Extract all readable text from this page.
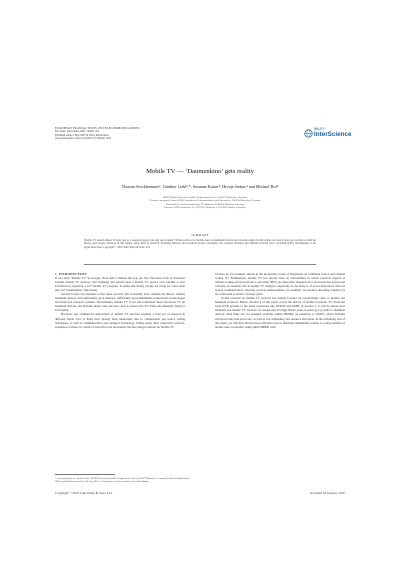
EUROPEAN TRANSACTIONS ON TELECOMMUNICATIONS
Eur. Trans. Telecomms. 2007; 18:465–472
Published online 2 May 2007 in Wiley InterScience
(www.interscience.wiley.com) DOI: 10.1002/ett.1202
WILEY
InterScience
Mobile TV — ‘Daumenkino’ gets reality
Thomas Stockhammer¹, Günther Liebl²,*, Susanne Kaiser³, Hrvoje Jenkac⁴ and Michael Rof⁵
¹BENQ Mobile Research GmbH, Bergkirchener Str. 8, D-81379 München, Germany
²German Aerospace Center (DLR), Institute for Communications and Navigation, D-82234 Wessling, Germany
³Lehrstuhl für Nachrichtentechnik, TU München, D-80290 München, Germany
⁴Siemens VDO Automotive AG, PO 158, Philipsstr. 1, D-93055 Wetzlar, Germany
SUMMARY
Mobile TV started almost 50 years ago as a research project, but only just recently TV-like services for mobile users on handheld devices have become reality. In this article, we want to give an overview of both the history and current advances in this highly active field of research, including mission and broadcast modes, streaming over wireless channels and efficient forward error correction (FEC) mechanisms at the application layer. Copyright © 2007 John Wiley & Sons, Ltd.

1. INTRODUCTION

If you enter ‘Mobile TV’ in Google, more than 5 million hits pop up. You find news such as Vodafone extends mobile TV services, that Samsung and Alcatel plan a mobile TV service over satellite or that ProSieben is preparing a 24/7 mobile TV program. It seems that finally people are ready for what some just call ‘Daumenkino’ (flip-book).

Several factors are essential so that these services will eventually have commercial impact, namely handheld devices with sufficiently good displays, sufficiently good multimedia compression technologies and improved transport systems. Nevertheless, mobile TV is not just traditional linear broadcast TV on handheld devices, but includes many other services, such as Interactive TV, Video-On-Demand (VoD) or Podcasting.

However, the commercial deployment of mobile TV services required a long era of research in different fields. Two of them have already been mentioned, that is, compression and source coding techniques, as well as communication and transport technology. Unlike many other innovative services, expansion of these two fields of research is not necessarily the best design solution for mobile TV

services as, for example, shown in the pioneering works of Hagenauer on combined source and channel coding [1]. Furthermore, mobile TV has always been an environment in which practical aspects of channel coding and forward error correction (FEC) are important. Unequal error protection has played and will play an essential role in mobile TV transport, especially as the delay is of lower importance than for speech communication. Thereby, receiver enhancements, for example, via iterative decoding schemes [2] are often used to obtain coverage gains.

In this research on mobile TV services has mainly focused on broadcasting video to mobile and handheld receivers. Hence, Section 2 of this paper covers the history of mobile broadcast TV. From the early DVB systems to the latest extensions like DVB-H and DMB. In Section 3, it will be shown how emission and mobile TV services are transported via high-bitrate point-to-point (p-t-p) links to handheld devices. Such links are, for example available within HSDPA, an extension to UMTS, which includes advanced radio link protocols, as well as fast scheduling and resource allocation. In the remaining part of this paper, we will then discuss more efficient ways to distribute multimedia content to a large number of mobile users in parallel, using either MBMS with

* Correspondence to: Günther Liebl, INTRON Research GmbH, Bergkirchener Str. 8, D-81379 München, Germany. E-mail: liebl@intron.de
¹This work is dedicated to Prof. Dr.-Ing. Dr.h.c. J. Hagenauer on the occasion of his 65th birthday.
Copyright © 2007 John Wiley & Sons, Ltd.	Accepted 18 January 2007
